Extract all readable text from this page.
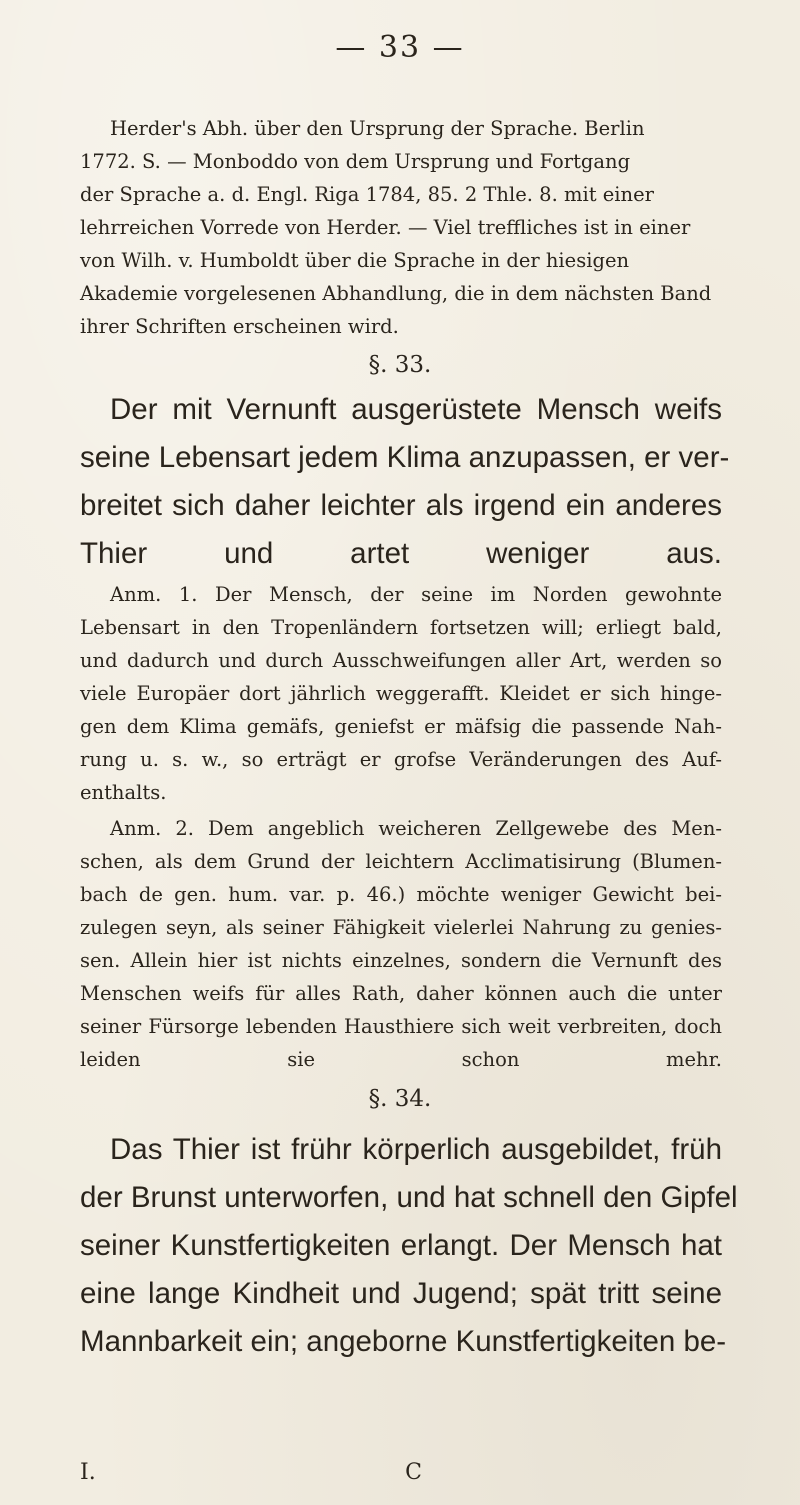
— 33 —
Herder's Abh. über den Ursprung der Sprache. Berlin
1772. S. — Monboddo von dem Ursprung und Fortgang
der Sprache a. d. Engl. Riga 1784, 85. 2 Thle. 8. mit einer
lehrreichen Vorrede von Herder. — Viel treffliches ist in einer
von Wilh. v. Humboldt über die Sprache in der hiesigen
Akademie vorgelesenen Abhandlung, die in dem nächsten Band
ihrer Schriften erscheinen wird.
§. 33.
Der mit Vernunft ausgerüstete Mensch weifs
seine Lebensart jedem Klima anzupassen, er ver-
breitet sich daher leichter als irgend ein anderes
Thier und artet weniger aus.
Anm. 1. Der Mensch, der seine im Norden gewohnte
Lebensart in den Tropenländern fortsetzen will; erliegt bald,
und dadurch und durch Ausschweifungen aller Art, werden so
viele Europäer dort jährlich weggerafft. Kleidet er sich hinge-
gen dem Klima gemäfs, geniefst er mäfsig die passende Nah-
rung u. s. w., so erträgt er grofse Veränderungen des Auf-
enthalts.
Anm. 2. Dem angeblich weicheren Zellgewebe des Men-
schen, als dem Grund der leichtern Acclimatisirung (Blumen-
bach de gen. hum. var. p. 46.) möchte weniger Gewicht bei-
zulegen seyn, als seiner Fähigkeit vielerlei Nahrung zu genies-
sen. Allein hier ist nichts einzelnes, sondern die Vernunft des
Menschen weifs für alles Rath, daher können auch die unter
seiner Fürsorge lebenden Hausthiere sich weit verbreiten, doch
leiden sie schon mehr.
§. 34.
Das Thier ist frühr körperlich ausgebildet, früh
der Brunst unterworfen, und hat schnell den Gipfel
seiner Kunstfertigkeiten erlangt. Der Mensch hat
eine lange Kindheit und Jugend; spät tritt seine
Mannbarkeit ein; angeborne Kunstfertigkeiten be-
I.	C
